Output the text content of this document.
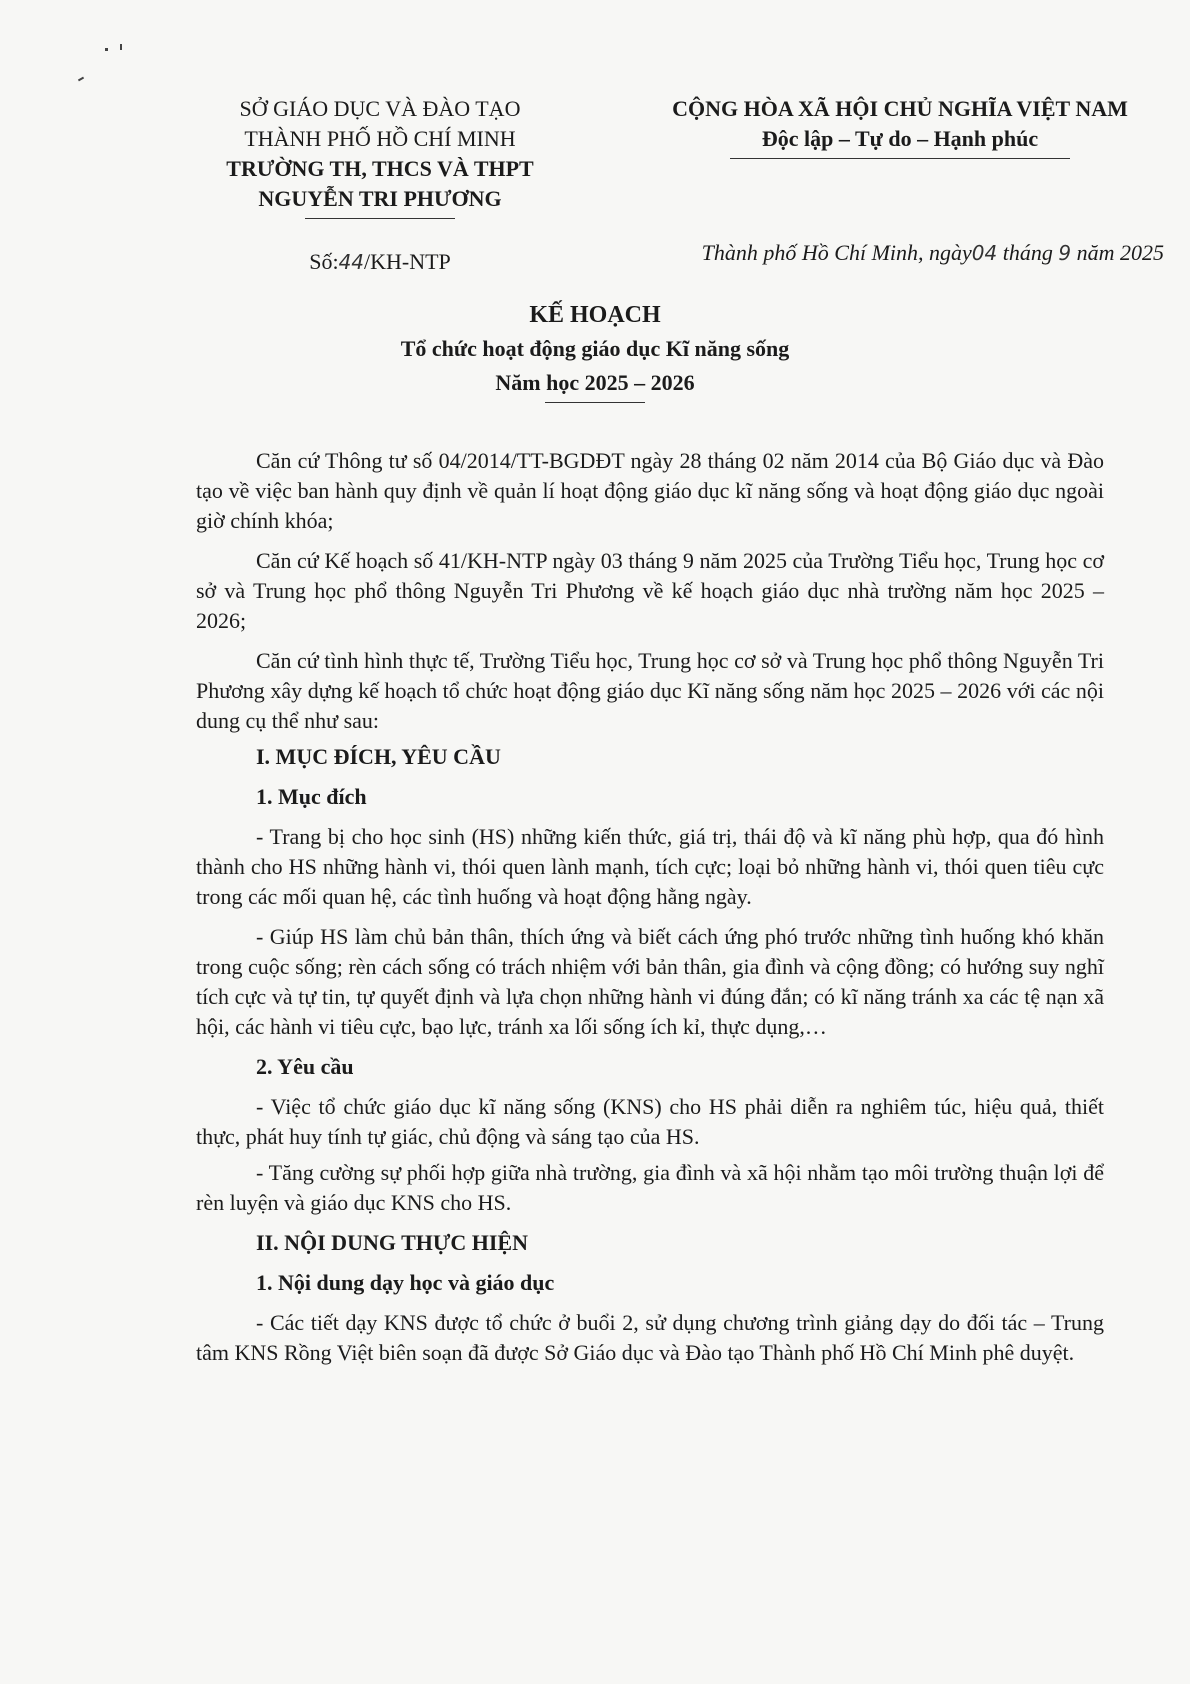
SỞ GIÁO DỤC VÀ ĐÀO TẠO
THÀNH PHỐ HỒ CHÍ MINH
TRƯỜNG TH, THCS VÀ THPT
NGUYỄN TRI PHƯƠNG
Số:44/KH-NTP
CỘNG HÒA XÃ HỘI CHỦ NGHĨA VIỆT NAM
Độc lập – Tự do – Hạnh phúc
Thành phố Hồ Chí Minh, ngày04 tháng 9 năm 2025
KẾ HOẠCH
Tổ chức hoạt động giáo dục Kĩ năng sống
Năm học 2025 – 2026

Căn cứ Thông tư số 04/2014/TT-BGDĐT ngày 28 tháng 02 năm 2014 của Bộ Giáo dục và Đào tạo về việc ban hành quy định về quản lí hoạt động giáo dục kĩ năng sống và hoạt động giáo dục ngoài giờ chính khóa;

Căn cứ Kế hoạch số 41/KH-NTP ngày 03 tháng 9 năm 2025 của Trường Tiểu học, Trung học cơ sở và Trung học phổ thông Nguyễn Tri Phương về kế hoạch giáo dục nhà trường năm học 2025 – 2026;

Căn cứ tình hình thực tế, Trường Tiểu học, Trung học cơ sở và Trung học phổ thông Nguyễn Tri Phương xây dựng kế hoạch tổ chức hoạt động giáo dục Kĩ năng sống năm học 2025 – 2026 với các nội dung cụ thể như sau:

I. MỤC ĐÍCH, YÊU CẦU
1. Mục đích

- Trang bị cho học sinh (HS) những kiến thức, giá trị, thái độ và kĩ năng phù hợp, qua đó hình thành cho HS những hành vi, thói quen lành mạnh, tích cực; loại bỏ những hành vi, thói quen tiêu cực trong các mối quan hệ, các tình huống và hoạt động hằng ngày.

- Giúp HS làm chủ bản thân, thích ứng và biết cách ứng phó trước những tình huống khó khăn trong cuộc sống; rèn cách sống có trách nhiệm với bản thân, gia đình và cộng đồng; có hướng suy nghĩ tích cực và tự tin, tự quyết định và lựa chọn những hành vi đúng đắn; có kĩ năng tránh xa các tệ nạn xã hội, các hành vi tiêu cực, bạo lực, tránh xa lối sống ích kỉ, thực dụng,…

2. Yêu cầu

- Việc tổ chức giáo dục kĩ năng sống (KNS) cho HS phải diễn ra nghiêm túc, hiệu quả, thiết thực, phát huy tính tự giác, chủ động và sáng tạo của HS.

- Tăng cường sự phối hợp giữa nhà trường, gia đình và xã hội nhằm tạo môi trường thuận lợi để rèn luyện và giáo dục KNS cho HS.

II. NỘI DUNG THỰC HIỆN
1. Nội dung dạy học và giáo dục

- Các tiết dạy KNS được tổ chức ở buổi 2, sử dụng chương trình giảng dạy do đối tác – Trung tâm KNS Rồng Việt biên soạn đã được Sở Giáo dục và Đào tạo Thành phố Hồ Chí Minh phê duyệt.
